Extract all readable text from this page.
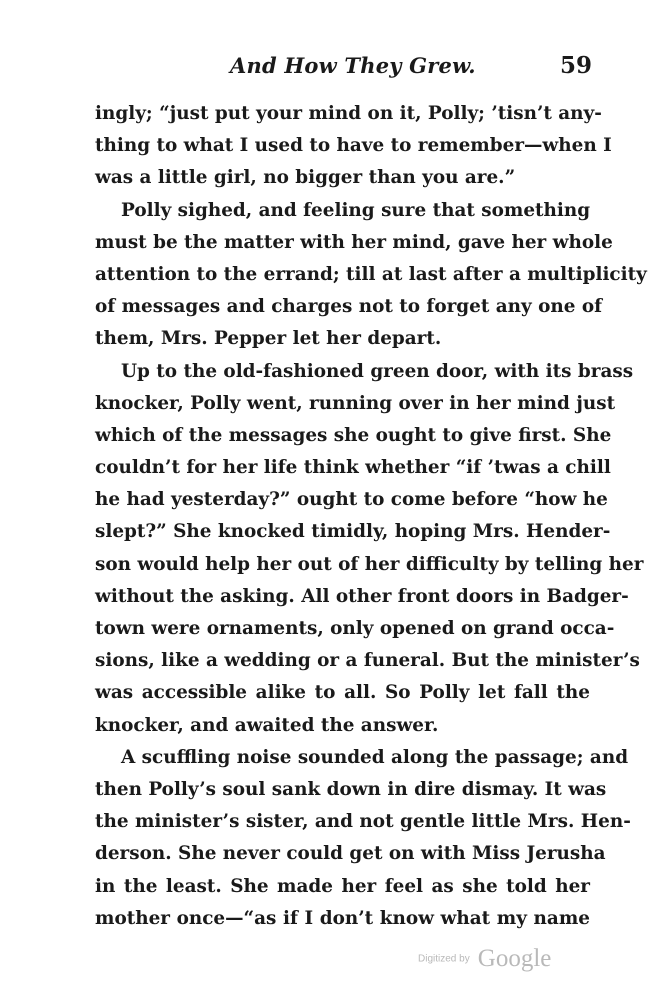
And How They Grew.	59
ingly; “just put your mind on it, Polly; ’tisn’t any-
thing to what I used to have to remember—when I
was a little girl, no bigger than you are.”
Polly sighed, and feeling sure that something
must be the matter with her mind, gave her whole
attention to the errand; till at last after a multiplicity
of messages and charges not to forget any one of
them, Mrs. Pepper let her depart.
Up to the old-fashioned green door, with its brass
knocker, Polly went, running over in her mind just
which of the messages she ought to give first. She
couldn’t for her life think whether “if ’twas a chill
he had yesterday?” ought to come before “how he
slept?” She knocked timidly, hoping Mrs. Hender-
son would help her out of her difficulty by telling her
without the asking. All other front doors in Badger-
town were ornaments, only opened on grand occa-
sions, like a wedding or a funeral. But the minister’s
was accessible alike to all. So Polly let fall the
knocker, and awaited the answer.
A scuffling noise sounded along the passage; and
then Polly’s soul sank down in dire dismay. It was
the minister’s sister, and not gentle little Mrs. Hen-
derson. She never could get on with Miss Jerusha
in the least. She made her feel as she told her
mother once—“as if I don’t know what my name
Digitized by Google
